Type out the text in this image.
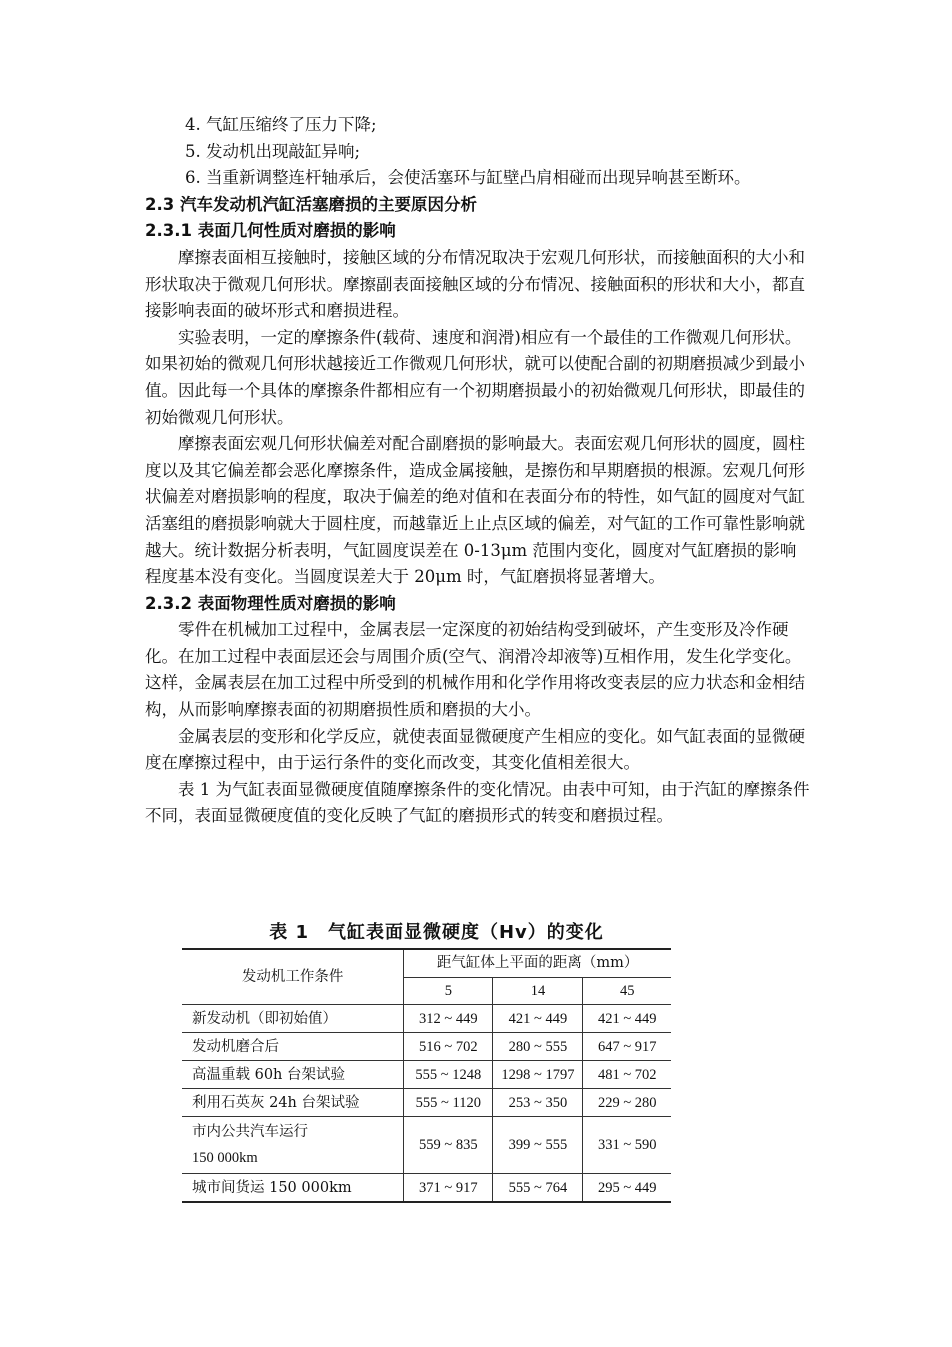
4. 气缸压缩终了压力下降;

5. 发动机出现敲缸异响;

6. 当重新调整连杆轴承后，会使活塞环与缸壁凸肩相碰而出现异响甚至断环。

2.3 汽车发动机汽缸活塞磨损的主要原因分析

2.3.1 表面几何性质对磨损的影响

摩擦表面相互接触时，接触区域的分布情况取决于宏观几何形状，而接触面积的大小和形状取决于微观几何形状。摩擦副表面接触区域的分布情况、接触面积的形状和大小，都直接影响表面的破坏形式和磨损进程。

实验表明，一定的摩擦条件(载荷、速度和润滑)相应有一个最佳的工作微观几何形状。如果初始的微观几何形状越接近工作微观几何形状，就可以使配合副的初期磨损减少到最小值。因此每一个具体的摩擦条件都相应有一个初期磨损最小的初始微观几何形状，即最佳的初始微观几何形状。

摩擦表面宏观几何形状偏差对配合副磨损的影响最大。表面宏观几何形状的圆度，圆柱度以及其它偏差都会恶化摩擦条件，造成金属接触，是擦伤和早期磨损的根源。宏观几何形状偏差对磨损影响的程度，取决于偏差的绝对值和在表面分布的特性，如气缸的圆度对气缸活塞组的磨损影响就大于圆柱度，而越靠近上止点区域的偏差，对气缸的工作可靠性影响就越大。统计数据分析表明，气缸圆度误差在 0-13μm 范围内变化，圆度对气缸磨损的影响程度基本没有变化。当圆度误差大于 20μm 时，气缸磨损将显著增大。

2.3.2 表面物理性质对磨损的影响

零件在机械加工过程中，金属表层一定深度的初始结构受到破坏，产生变形及冷作硬化。在加工过程中表面层还会与周围介质(空气、润滑冷却液等)互相作用，发生化学变化。这样，金属表层在加工过程中所受到的机械作用和化学作用将改变表层的应力状态和金相结构，从而影响摩擦表面的初期磨损性质和磨损的大小。

金属表层的变形和化学反应，就使表面显微硬度产生相应的变化。如气缸表面的显微硬度在摩擦过程中，由于运行条件的变化而改变，其变化值相差很大。

表 1 为气缸表面显微硬度值随摩擦条件的变化情况。由表中可知，由于汽缸的摩擦条件不同，表面显微硬度值的变化反映了气缸的磨损形式的转变和磨损过程。

表 1　气缸表面显微硬度（Hv）的变化
发动机工作条件	距气缸体上平面的距离（mm）		
	5	14	45
新发动机（即初始值）	312 ~ 449	421 ~ 449	421 ~ 449
发动机磨合后	516 ~ 702	280 ~ 555	647 ~ 917
高温重载 60h 台架试验	555 ~ 1248	1298 ~ 1797	481 ~ 702
利用石英灰 24h 台架试验	555 ~ 1120	253 ~ 350	229 ~ 280

市内公共汽车运行
150 000km	559 ~ 835	399 ~ 555	331 ~ 590
城市间货运 150 000km	371 ~ 917	555 ~ 764	295 ~ 449
